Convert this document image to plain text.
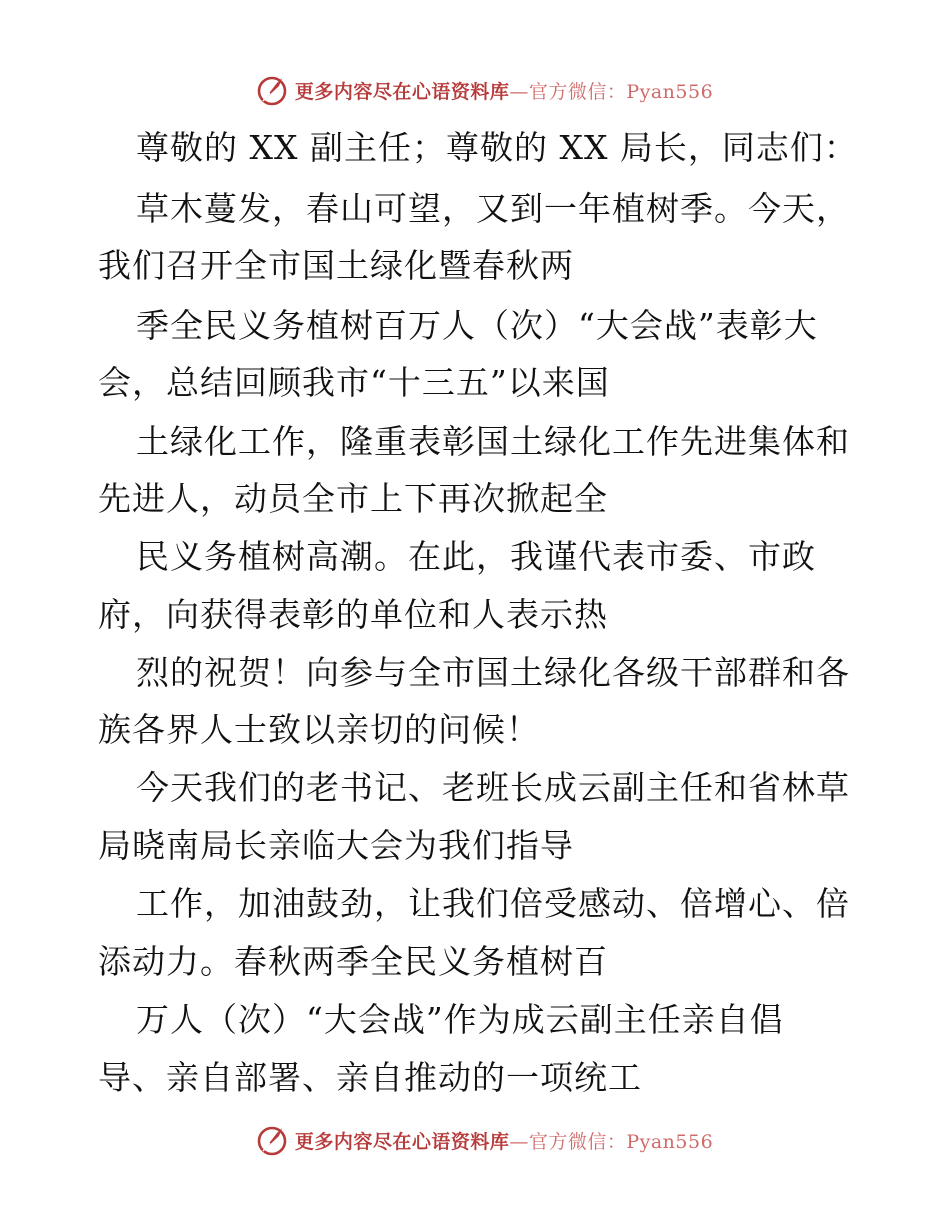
更多内容尽在心语资料库—官方微信：Pyan556
尊敬的 XX 副主任；尊敬的 XX 局长，同志们：
草木蔓发，春山可望，又到一年植树季。今天，
我们召开全市国土绿化暨春秋两
季全民义务植树百万人（次）“大会战”表彰大
会，总结回顾我市“十三五”以来国
土绿化工作，隆重表彰国土绿化工作先进集体和
先进人，动员全市上下再次掀起全
民义务植树高潮。在此，我谨代表市委、市政
府，向获得表彰的单位和人表示热
烈的祝贺！向参与全市国土绿化各级干部群和各
族各界人士致以亲切的问候！
今天我们的老书记、老班长成云副主任和省林草
局晓南局长亲临大会为我们指导
工作，加油鼓劲，让我们倍受感动、倍增心、倍
添动力。春秋两季全民义务植树百
万人（次）“大会战”作为成云副主任亲自倡
导、亲自部署、亲自推动的一项统工
更多内容尽在心语资料库—官方微信：Pyan556
